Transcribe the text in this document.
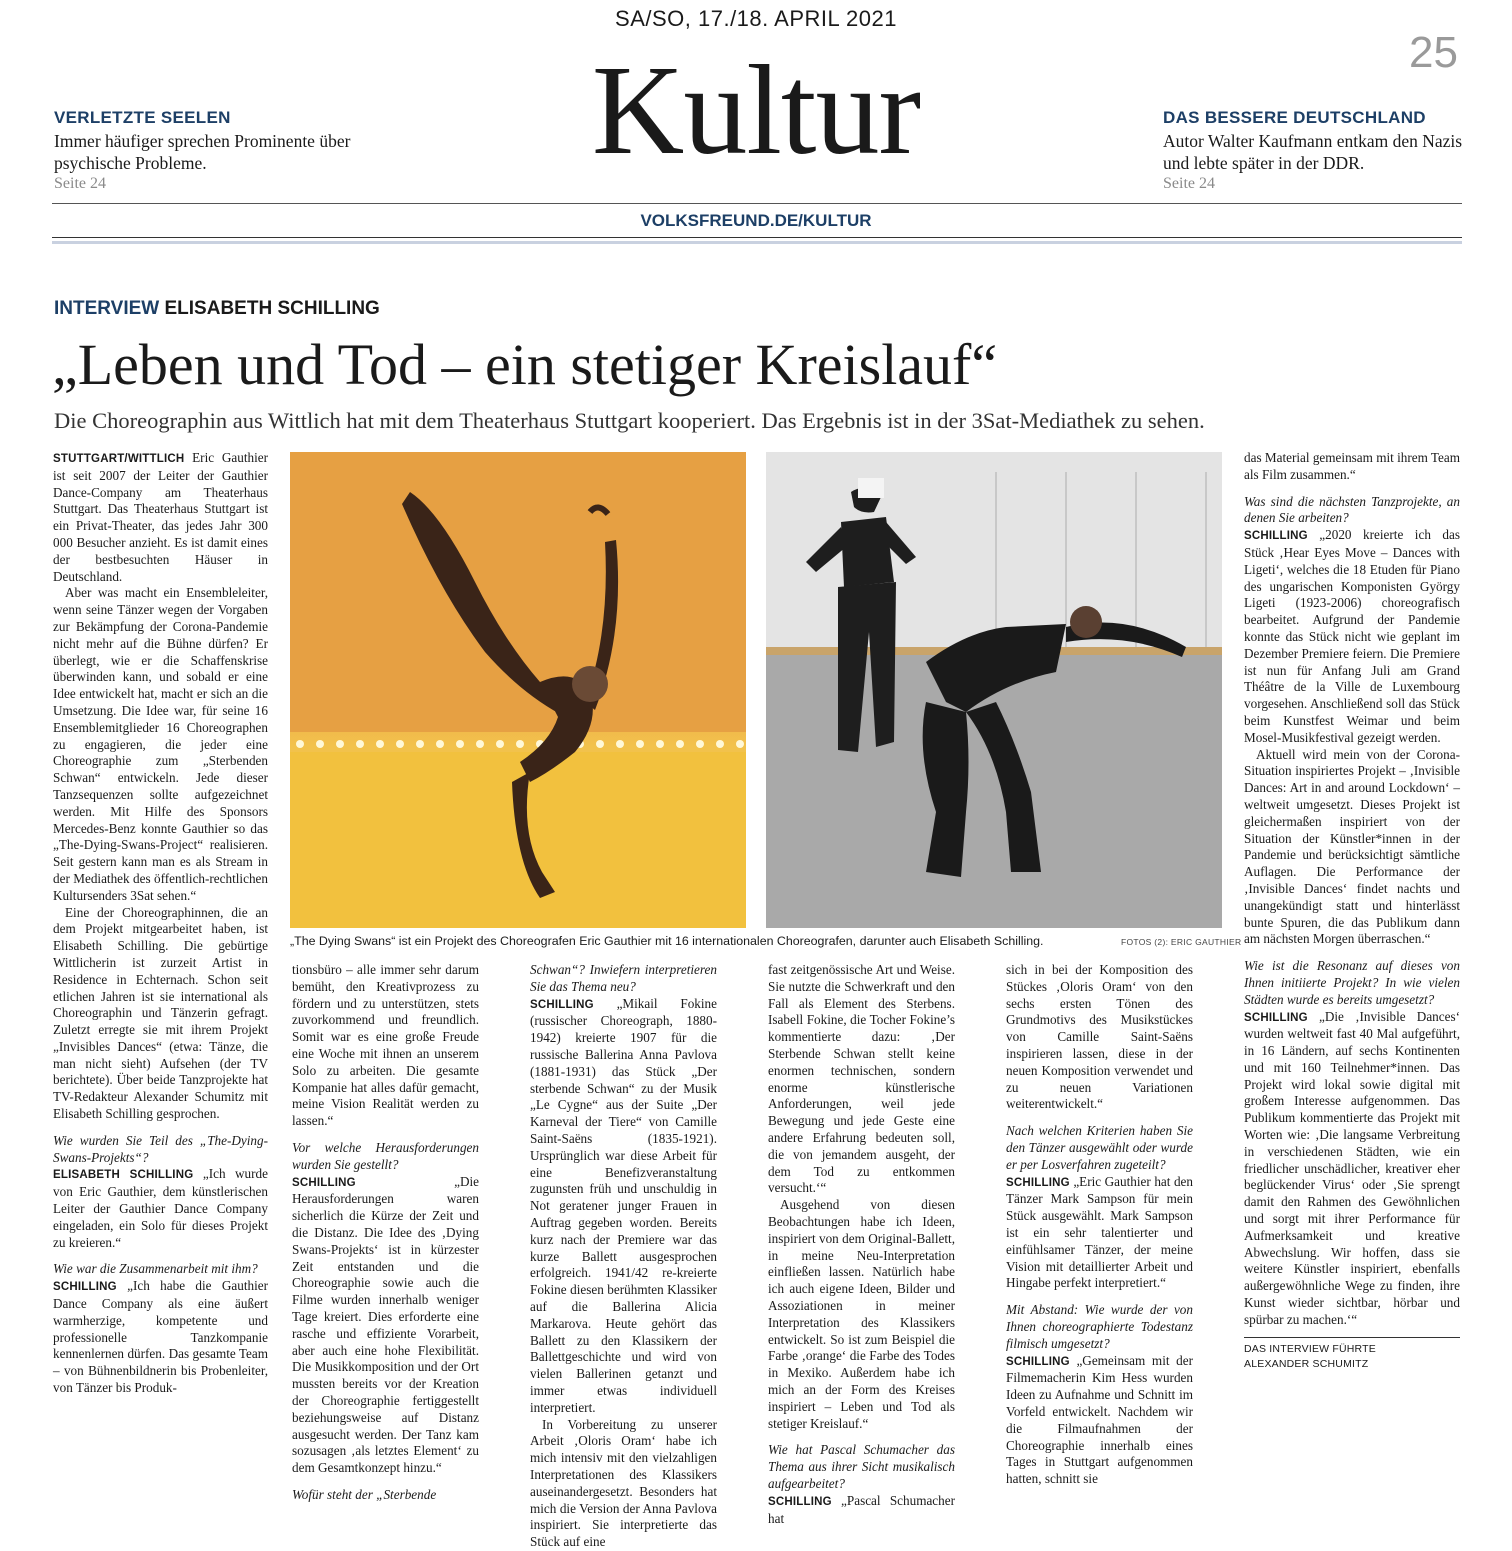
SA/SO, 17./18. APRIL 2021
25
Kultur
VERLETZTE SEELEN
Immer häufiger sprechen Prominente über psychische Probleme.
Seite 24
DAS BESSERE DEUTSCHLAND
Autor Walter Kaufmann entkam den Nazis und lebte später in der DDR.
Seite 24
VOLKSFREUND.DE/KULTUR
INTERVIEW ELISABETH SCHILLING
„Leben und Tod – ein stetiger Kreislauf“
Die Choreographin aus Wittlich hat mit dem Theaterhaus Stuttgart kooperiert. Das Ergebnis ist in der 3Sat-Mediathek zu sehen.
„The Dying Swans“ ist ein Projekt des Choreografen Eric Gauthier mit 16 internationalen Choreografen, darunter auch Elisabeth Schilling.	FOTOS (2): ERIC GAUTHIER

STUTTGART/WITTLICH Eric Gauthier ist seit 2007 der Leiter der Gauthier Dance-Company am Theaterhaus Stuttgart. Das Theaterhaus Stuttgart ist ein Privat-Theater, das jedes Jahr 300 000 Besucher anzieht. Es ist damit eines der bestbesuchten Häuser in Deutschland.

Aber was macht ein Ensembleleiter, wenn seine Tänzer wegen der Vorgaben zur Bekämpfung der Corona-Pandemie nicht mehr auf die Bühne dürfen? Er überlegt, wie er die Schaffenskrise überwinden kann, und sobald er eine Idee entwickelt hat, macht er sich an die Umsetzung. Die Idee war, für seine 16 Ensemblemitglieder 16 Choreographen zu engagieren, die jeder eine Choreographie zum „Sterbenden Schwan“ entwickeln. Jede dieser Tanzsequenzen sollte aufgezeichnet werden. Mit Hilfe des Sponsors Mercedes-Benz konnte Gauthier so das „The-Dying-Swans-Project“ realisieren. Seit gestern kann man es als Stream in der Mediathek des öffentlich-rechtlichen Kultursenders 3Sat sehen.“

Eine der Choreographinnen, die an dem Projekt mitgearbeitet haben, ist Elisabeth Schilling. Die gebürtige Wittlicherin ist zurzeit Artist in Residence in Echternach. Schon seit etlichen Jahren ist sie international als Choreographin und Tänzerin gefragt. Zuletzt erregte sie mit ihrem Projekt „Invisibles Dances“ (etwa: Tänze, die man nicht sieht) Aufsehen (der TV berichtete). Über beide Tanzprojekte hat TV-Redakteur Alexander Schumitz mit Elisabeth Schilling gesprochen.

Wie wurden Sie Teil des „The-Dying-Swans-Projekts“?

ELISABETH SCHILLING „Ich wurde von Eric Gauthier, dem künstlerischen Leiter der Gauthier Dance Company eingeladen, ein Solo für dieses Projekt zu kreieren.“

Wie war die Zusammenarbeit mit ihm?

SCHILLING „Ich habe die Gauthier Dance Company als eine äußert warmherzige, kompetente und professionelle Tanzkompanie kennenlernen dürfen. Das gesamte Team – von Bühnenbildnerin bis Probenleiter, von Tänzer bis Produk-

tionsbüro – alle immer sehr darum bemüht, den Kreativprozess zu fördern und zu unterstützen, stets zuvorkommend und freundlich. Somit war es eine große Freude eine Woche mit ihnen an unserem Solo zu arbeiten. Die gesamte Kompanie hat alles dafür gemacht, meine Vision Realität werden zu lassen.“

Vor welche Herausforderungen wurden Sie gestellt?

SCHILLING	„Die Herausforderungen waren sicherlich die Kürze der Zeit und die Distanz. Die Idee des ‚Dying Swans-Projekts‘ ist in kürzester Zeit entstanden und die Choreographie sowie auch die Filme wurden innerhalb weniger Tage kreiert. Dies erforderte eine rasche und effiziente Vorarbeit, aber auch eine hohe Flexibilität. Die Musikkomposition und der Ort mussten bereits vor der Kreation der Choreographie fertiggestellt beziehungsweise auf Distanz ausgesucht werden. Der Tanz kam sozusagen ‚als letztes Element‘ zu dem Gesamtkonzept hinzu.“

Wofür steht der „Sterbende

Schwan“? Inwiefern interpretieren Sie das Thema neu?

SCHILLING „Mikail Fokine (russischer Choreograph, 1880-1942) kreierte 1907 für die russische Ballerina Anna Pavlova (1881-1931) das Stück „Der sterbende Schwan“ zu der Musik „Le Cygne“ aus der Suite „Der Karneval der Tiere“ von Camille Saint-Saëns (1835-1921). Ursprünglich war diese Arbeit für eine Benefizveranstaltung zugunsten früh und unschuldig in Not geratener junger Frauen in Auftrag gegeben worden. Bereits kurz nach der Premiere war das kurze Ballett ausgesprochen erfolgreich. 1941/42 re-kreierte Fokine diesen berühmten Klassiker auf die Ballerina Alicia Markarova. Heute gehört das Ballett zu den Klassikern der Ballettgeschichte und wird von vielen Ballerinen getanzt und immer etwas individuell interpretiert.

In Vorbereitung zu unserer Arbeit ‚Oloris Oram‘ habe ich mich intensiv mit den vielzahligen Interpretationen des Klassikers auseinandergesetzt. Besonders hat mich die Version der Anna Pavlova inspiriert. Sie interpretierte das Stück auf eine

fast zeitgenössische Art und Weise. Sie nutzte die Schwerkraft und den Fall als Element des Sterbens. Isabell Fokine, die Tocher Fokine’s kommentierte dazu: ‚Der Sterbende Schwan stellt keine enormen technischen, sondern enorme künstlerische Anforderungen, weil jede Bewegung und jede Geste eine andere Erfahrung bedeuten soll, die von jemandem ausgeht, der dem Tod zu entkommen versucht.‘“

Ausgehend von diesen Beobachtungen habe ich Ideen, inspiriert von dem Original-Ballett, in meine Neu-Interpretation einfließen lassen. Natürlich habe ich auch eigene Ideen, Bilder und Assoziationen in meiner Interpretation des Klassikers entwickelt. So ist zum Beispiel die Farbe ‚orange‘ die Farbe des Todes in Mexiko. Außerdem habe ich mich an der Form des Kreises inspiriert – Leben und Tod als stetiger Kreislauf.“

Wie hat Pascal Schumacher das Thema aus ihrer Sicht musikalisch aufgearbeitet?

SCHILLING „Pascal Schumacher hat

sich in bei der Komposition des Stückes ‚Oloris Oram‘ von den sechs ersten Tönen des Grundmotivs des Musikstückes von Camille Saint-Saëns inspirieren lassen, diese in der neuen Komposition verwendet und zu neuen Variationen weiterentwickelt.“

Nach welchen Kriterien haben Sie den Tänzer ausgewählt oder wurde er per Losverfahren zugeteilt?

SCHILLING „Eric Gauthier hat den Tänzer Mark Sampson für mein Stück ausgewählt. Mark Sampson ist ein sehr talentierter und einfühlsamer Tänzer, der meine Vision mit detaillierter Arbeit und Hingabe perfekt interpretiert.“

Mit Abstand: Wie wurde der von Ihnen choreographierte Todestanz filmisch umgesetzt?

SCHILLING „Gemeinsam mit der Filmemacherin Kim Hess wurden Ideen zu Aufnahme und Schnitt im Vorfeld entwickelt. Nachdem wir die Filmaufnahmen der Choreographie innerhalb eines Tages in Stuttgart aufgenommen hatten, schnitt sie

das Material gemeinsam mit ihrem Team als Film zusammen.“

Was sind die nächsten Tanzprojekte, an denen Sie arbeiten?

SCHILLING „2020 kreierte ich das Stück ‚Hear Eyes Move – Dances with Ligeti‘, welches die 18 Etuden für Piano des ungarischen Komponisten György Ligeti (1923-2006) choreografisch bearbeitet. Aufgrund der Pandemie konnte das Stück nicht wie geplant im Dezember Premiere feiern. Die Premiere ist nun für Anfang Juli am Grand Théâtre de la Ville de Luxembourg vorgesehen. Anschließend soll das Stück beim Kunstfest Weimar und beim Mosel-Musikfestival gezeigt werden.

Aktuell wird mein von der Corona-Situation inspiriertes Projekt – ‚Invisible Dances: Art in and around Lockdown‘ – weltweit umgesetzt. Dieses Projekt ist gleichermaßen inspiriert von der Situation der Künstler*innen in der Pandemie und berücksichtigt sämtliche Auflagen. Die Performance der ‚Invisible Dances‘ findet nachts und unangekündigt statt und hinterlässt bunte Spuren, die das Publikum dann am nächsten Morgen überraschen.“

Wie ist die Resonanz auf dieses von Ihnen initiierte Projekt? In wie vielen Städten wurde es bereits umgesetzt?

SCHILLING „Die ‚Invisible Dances‘ wurden weltweit fast 40 Mal aufgeführt, in 16 Ländern, auf sechs Kontinenten und mit 160 Teilnehmer*innen. Das Projekt wird lokal sowie digital mit großem Interesse aufgenommen. Das Publikum kommentierte das Projekt mit Worten wie: ‚Die langsame Verbreitung in verschiedenen Städten, wie ein friedlicher unschädlicher, kreativer eher beglückender Virus‘ oder ‚Sie sprengt damit den Rahmen des Gewöhnlichen und sorgt mit ihrer Performance für Aufmerksamkeit und kreative Abwechslung. Wir hoffen, dass sie weitere Künstler inspiriert, ebenfalls außergewöhnliche Wege zu finden, ihre Kunst wieder sichtbar, hörbar und spürbar zu machen.‘“

DAS INTERVIEW FÜHRTE
ALEXANDER SCHUMITZ
